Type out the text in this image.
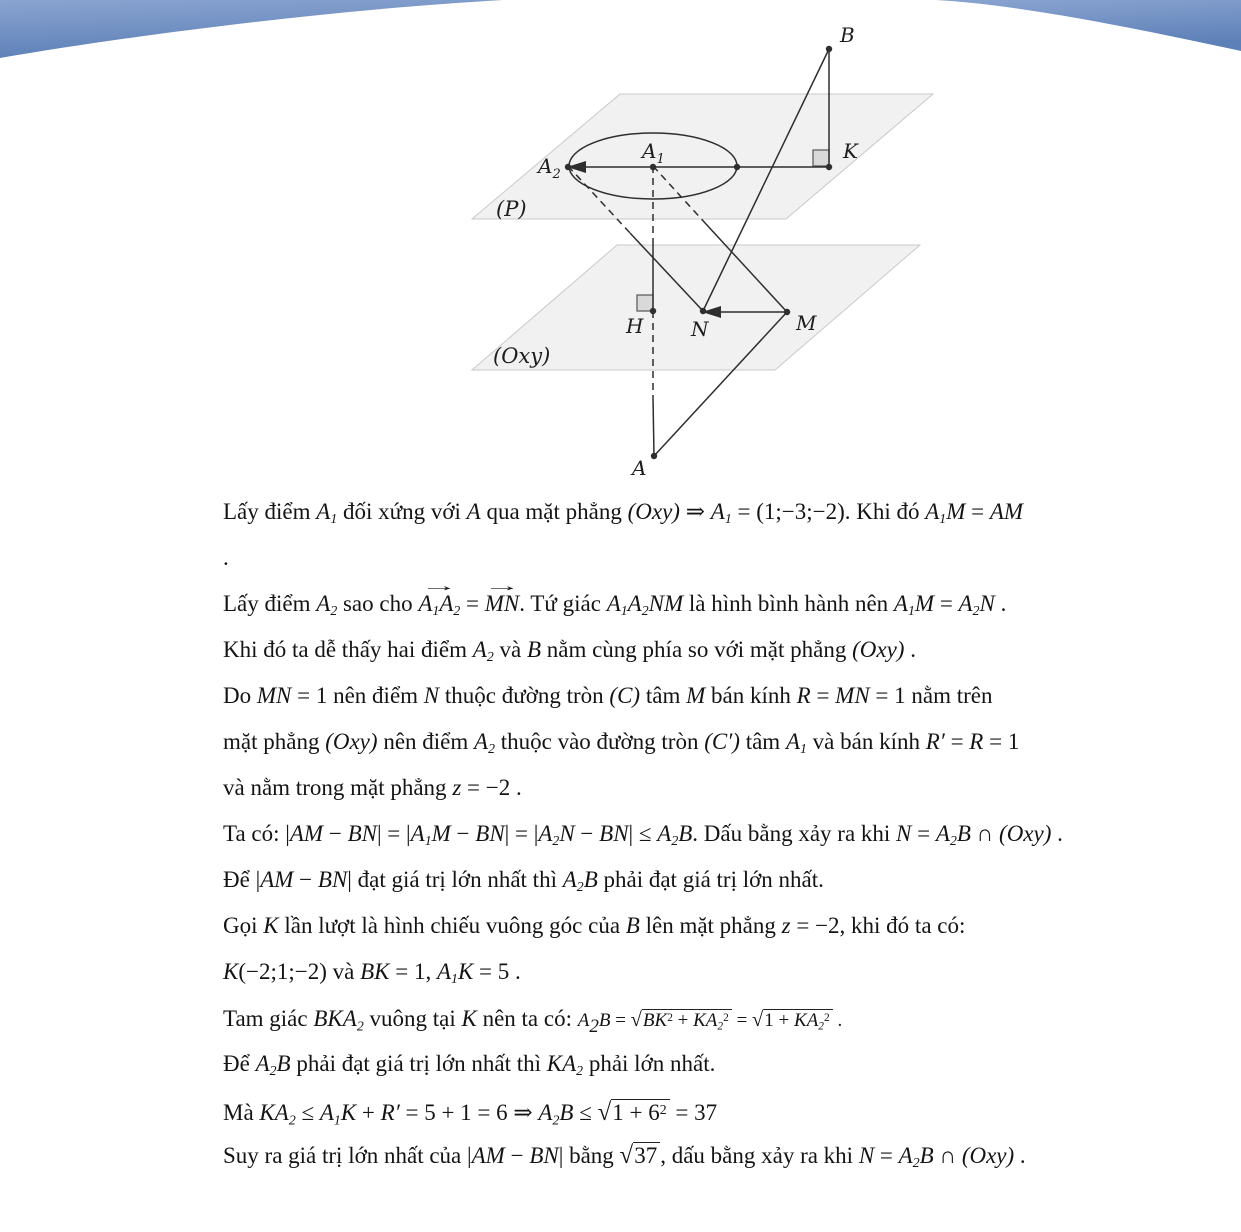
B
K
$A_1$
$A_2$
(P)
(Oxy)
H N	M
A
Lấy điểm A1 đối xứng với A qua mặt phẳng (Oxy) ⇒ A1 = (1;−3;−2). Khi đó A1M = AM
.
Lấy điểm A2 sao cho
→
A1A2 =
→
MN. Tứ giác A1A2NM là hình bình hành nên A1M = A2N .
Khi đó ta dễ thấy hai điểm A2 và B nằm cùng phía so với mặt phẳng (Oxy) .
Do MN = 1 nên điểm N thuộc đường tròn (C) tâm M bán kính R = MN = 1 nằm trên
mặt phẳng (Oxy) nên điểm A2 thuộc vào đường tròn (C′) tâm A1 và bán kính R′ = R = 1
và nằm trong mặt phẳng z = −2 .
Ta có: |AM − BN| = |A1M − BN| = |A2N − BN| ≤ A2B. Dấu bằng xảy ra khi N = A2B ∩ (Oxy) .
Để |AM − BN| đạt giá trị lớn nhất thì A2B phải đạt giá trị lớn nhất.
Gọi K lần lượt là hình chiếu vuông góc của B lên mặt phẳng z = −2, khi đó ta có:
K(−2;1;−2) và BK = 1, A1K = 5 .
Tam giác BKA2 vuông tại K nên ta có: $A_2B = √BK^2 + KA2^2 = √1 + KA2^2$ .
Để A2B phải đạt giá trị lớn nhất thì KA2 phải lớn nhất.
Mà KA2 ≤ A1K + R′ = 5 + 1 = 6 ⇒ $A2B \le √1 + 6^2 = 37$
Suy ra giá trị lớn nhất của |AM − BN| bằng √37 , dấu bằng xảy ra khi N = A2B ∩ (Oxy) .
